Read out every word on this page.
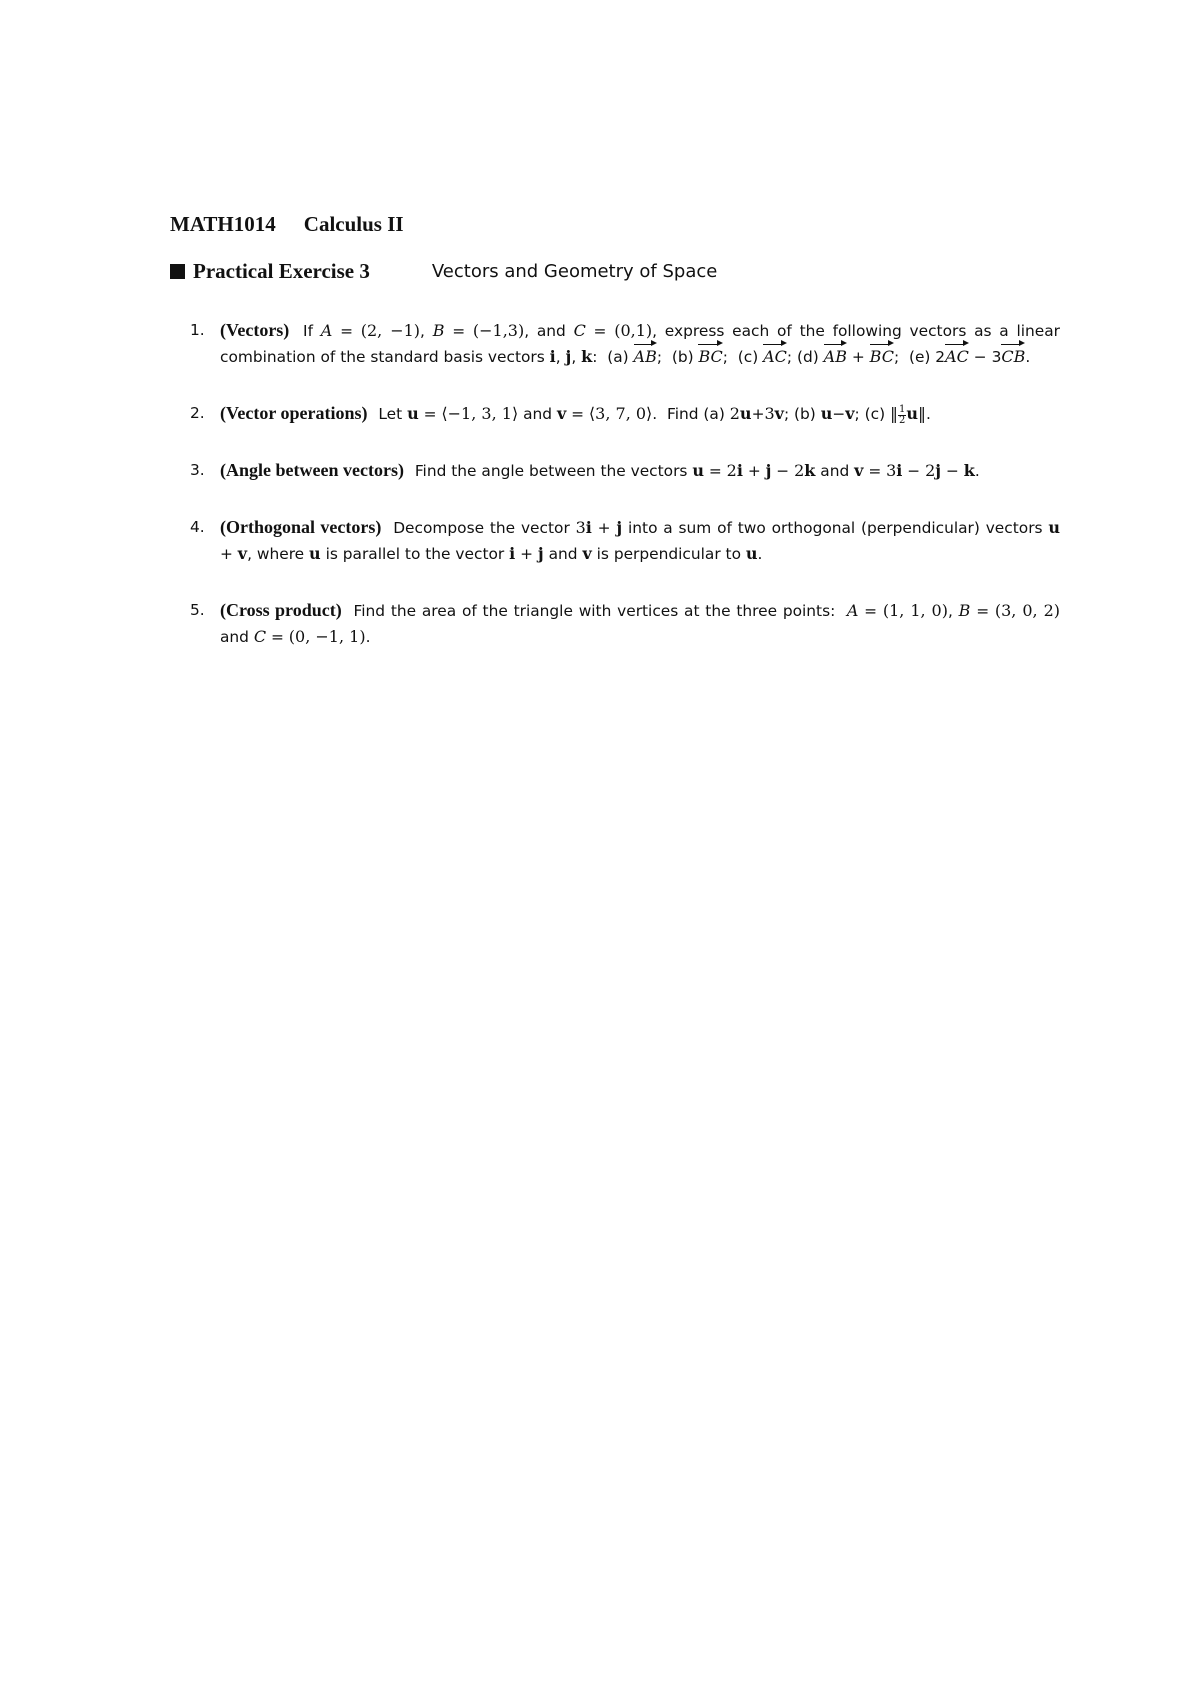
MATH1014 Calculus II
Practical Exercise 3	Vectors and Geometry of Space
1. (Vectors) If A = (2, −1), B = (−1,3), and C = (0,1), express each of the following vectors as a linear combination of the standard basis vectors i, j, k:  (a) AB;  (b) BC;  (c) AC; (d) AB + BC;  (e) 2AC − 3CB.
2. (Vector operations) Let u = ⟨−1, 3, 1⟩ and v = ⟨3, 7, 0⟩.  Find (a) 2u+3v; (b) u−v; (c) ‖ $\frac{1}{2}$ u‖.
3. (Angle between vectors) Find the angle between the vectors u = 2i + j − 2k and v = 3i − 2j − k.
4. (Orthogonal vectors) Decompose the vector 3i + j into a sum of two orthogonal (perpendicular) vectors u + v, where u is parallel to the vector i + j and v is perpendicular to u.
5. (Cross product) Find the area of the triangle with vertices at the three points:  A = (1, 1, 0), B = (3, 0, 2) and C = (0, −1, 1).
